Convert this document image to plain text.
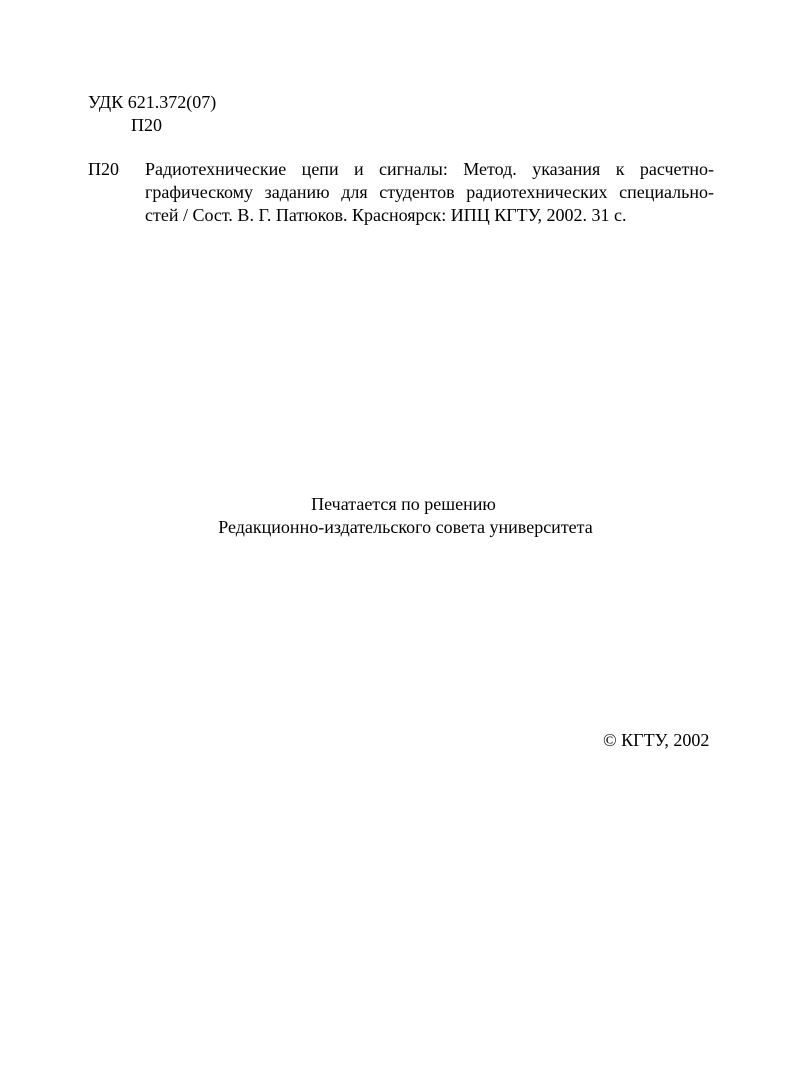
УДК 621.372(07)
П20
П20 Радиотехнические цепи и сигналы: Метод. указания к расчетно-
графическому заданию для студентов радиотехнических специально-
стей / Сост. В. Г. Патюков. Красноярск: ИПЦ КГТУ, 2002. 31 с.
Печатается по решению
Редакционно-издательского совета университета
© КГТУ, 2002
